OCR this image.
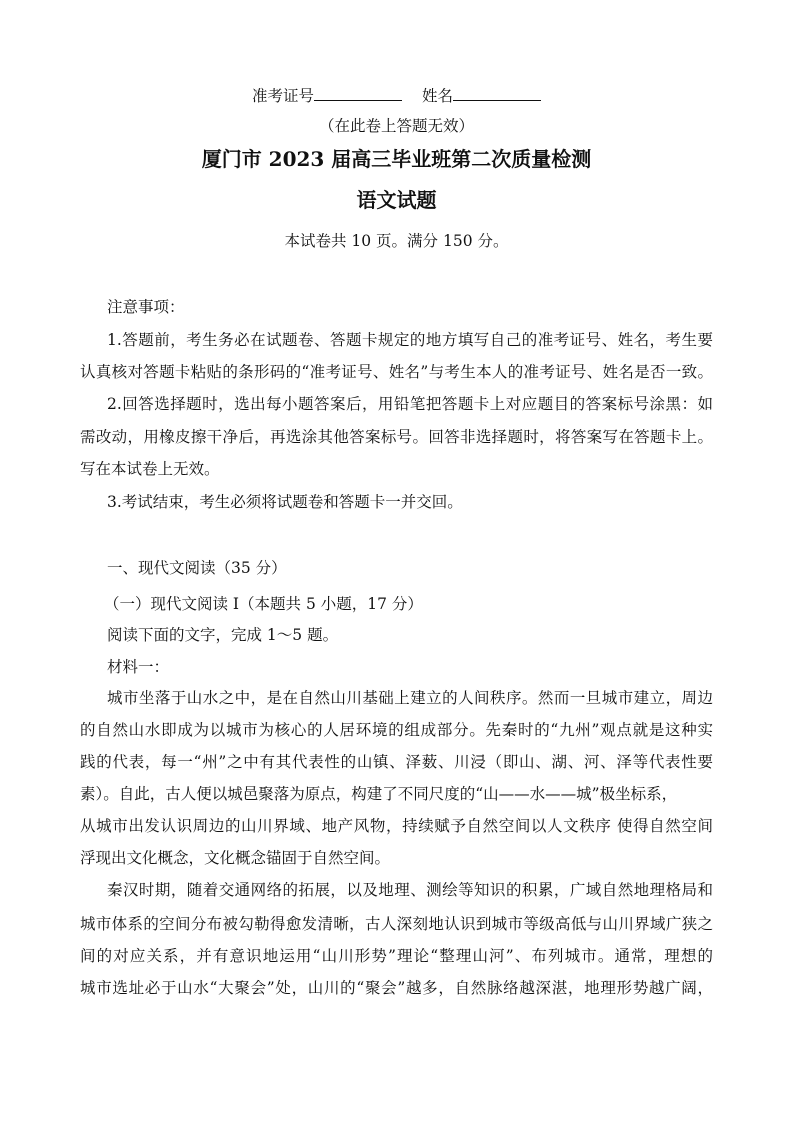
准考证号	姓名
（在此卷上答题无效）
厦门市 2023 届高三毕业班第二次质量检测
语文试题
本试卷共 10 页。满分 150 分。
注意事项：
1.答题前，考生务必在试题卷、答题卡规定的地方填写自己的准考证号、姓名，考生要
认真核对答题卡粘贴的条形码的“准考证号、姓名”与考生本人的准考证号、姓名是否一致。
2.回答选择题时，选出每小题答案后，用铅笔把答题卡上对应题目的答案标号涂黑：如
需改动，用橡皮擦干净后，再选涂其他答案标号。回答非选择题时，将答案写在答题卡上。
写在本试卷上无效。
3.考试结束，考生必须将试题卷和答题卡一并交回。
一、现代文阅读（35 分）
（一）现代文阅读 I（本题共 5 小题，17 分）
阅读下面的文字，完成 1～5 题。
材料一：
城市坐落于山水之中，是在自然山川基础上建立的人间秩序。然而一旦城市建立，周边
的自然山水即成为以城市为核心的人居环境的组成部分。先秦时的“九州”观点就是这种实
践的代表，每一“州”之中有其代表性的山镇、泽薮、川浸（即山、湖、河、泽等代表性要
素）。自此，古人便以城邑聚落为原点，构建了不同尺度的“山——水——城”极坐标系，
从城市出发认识周边的山川界域、地产风物，持续赋予自然空间以人文秩序 使得自然空间
浮现出文化概念，文化概念锚固于自然空间。
秦汉时期，随着交通网络的拓展，以及地理、测绘等知识的积累，广域自然地理格局和
城市体系的空间分布被勾勒得愈发清晰，古人深刻地认识到城市等级高低与山川界域广狭之
间的对应关系，并有意识地运用“山川形势”理论“整理山河”、布列城市。通常，理想的
城市选址必于山水“大聚会”处，山川的“聚会”越多，自然脉络越深湛，地理形势越广阔，
